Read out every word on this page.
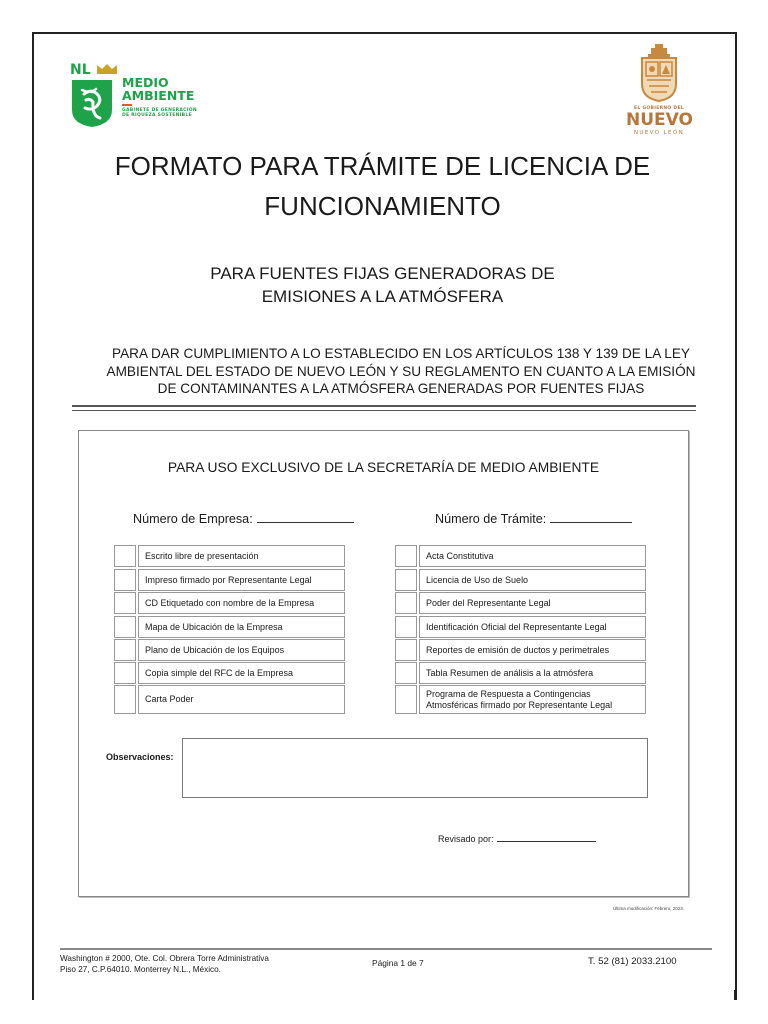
NL
MEDIO
AMBIENTE
GABINETE DE GENERACIÓN
DE RIQUEZA SOSTENIBLE
EL GOBIERNO DEL
NUEVO
NUEVO LEÓN
FORMATO PARA TRÁMITE DE LICENCIA DE
FUNCIONAMIENTO
PARA FUENTES FIJAS GENERADORAS DE
EMISIONES A LA ATMÓSFERA
PARA DAR CUMPLIMIENTO A LO ESTABLECIDO EN LOS ARTÍCULOS 138 Y 139 DE LA LEY
AMBIENTAL DEL ESTADO DE NUEVO LEÓN Y SU REGLAMENTO EN CUANTO A LA EMISIÓN
DE CONTAMINANTES A LA ATMÓSFERA GENERADAS POR FUENTES FIJAS
PARA USO EXCLUSIVO DE LA SECRETARÍA DE MEDIO AMBIENTE
Número de Empresa:	Número de Trámite:
Escrito libre de presentación
Impreso firmado por Representante Legal
CD Etiquetado con nombre de la Empresa
Mapa de Ubicación de la Empresa
Plano de Ubicación de los Equipos
Copia simple del RFC de la Empresa
Carta Poder
Acta Constitutiva
Licencia de Uso de Suelo
Poder del Representante Legal
Identificación Oficial del Representante Legal
Reportes de emisión de ductos y perimetrales
Tabla Resumen de análisis a la atmósfera
Programa de Respuesta a Contingencias
Atmosféricas firmado por Representante Legal
Observaciones:
Revisado por:
Última modificación: Febrero, 2023.
Washington # 2000, Ote. Col. Obrera Torre Administrativa
Piso 27, C.P.64010. Monterrey N.L., México.
Página 1 de 7	T. 52 (81) 2033.2100
